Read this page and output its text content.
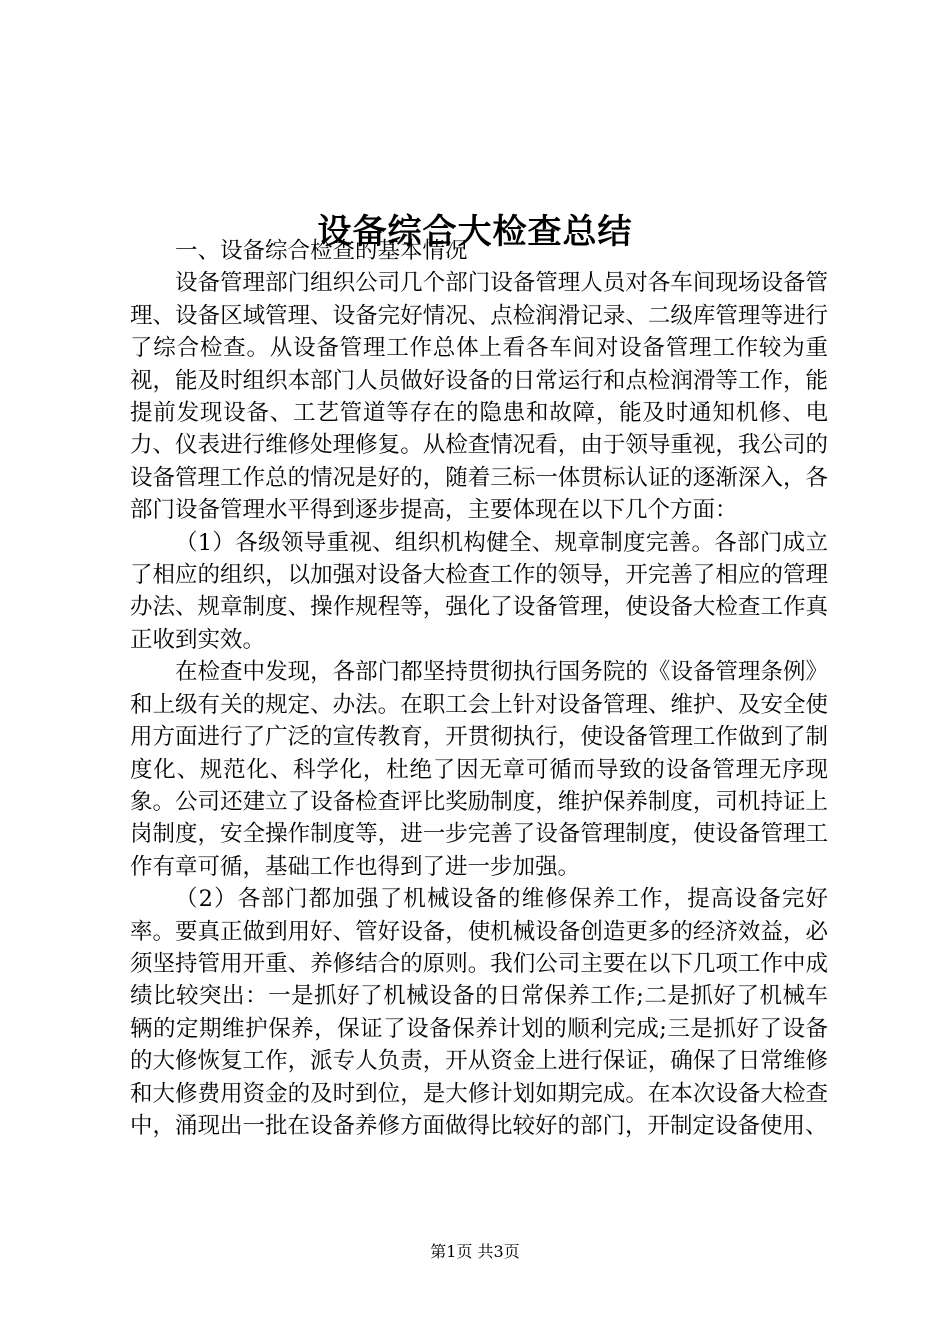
设备综合大检查总结

一、设备综合检查的基本情况

设备管理部门组织公司几个部门设备管理人员对各车间现场设备管理、设备区域管理、设备完好情况、点检润滑记录、二级库管理等进行了综合检查。从设备管理工作总体上看各车间对设备管理工作较为重视，能及时组织本部门人员做好设备的日常运行和点检润滑等工作，能提前发现设备、工艺管道等存在的隐患和故障，能及时通知机修、电力、仪表进行维修处理修复。从检查情况看，由于领导重视，我公司的设备管理工作总的情况是好的，随着三标一体贯标认证的逐渐深入，各部门设备管理水平得到逐步提高，主要体现在以下几个方面：

（1）各级领导重视、组织机构健全、规章制度完善。各部门成立了相应的组织，以加强对设备大检查工作的领导，开完善了相应的管理办法、规章制度、操作规程等，强化了设备管理，使设备大检查工作真正收到实效。

在检查中发现，各部门都坚持贯彻执行国务院的《设备管理条例》和上级有关的规定、办法。在职工会上针对设备管理、维护、及安全使用方面进行了广泛的宣传教育，开贯彻执行，使设备管理工作做到了制度化、规范化、科学化，杜绝了因无章可循而导致的设备管理无序现象。公司还建立了设备检查评比奖励制度，维护保养制度，司机持证上岗制度，安全操作制度等，进一步完善了设备管理制度，使设备管理工作有章可循，基础工作也得到了进一步加强。

（2）各部门都加强了机械设备的维修保养工作，提高设备完好率。要真正做到用好、管好设备，使机械设备创造更多的经济效益，必须坚持管用开重、养修结合的原则。我们公司主要在以下几项工作中成绩比较突出：一是抓好了机械设备的日常保养工作;二是抓好了机械车辆的定期维护保养，保证了设备保养计划的顺利完成;三是抓好了设备的大修恢复工作，派专人负责，开从资金上进行保证，确保了日常维修和大修费用资金的及时到位，是大修计划如期完成。在本次设备大检查中，涌现出一批在设备养修方面做得比较好的部门，开制定设备使用、

第1页 共3页
